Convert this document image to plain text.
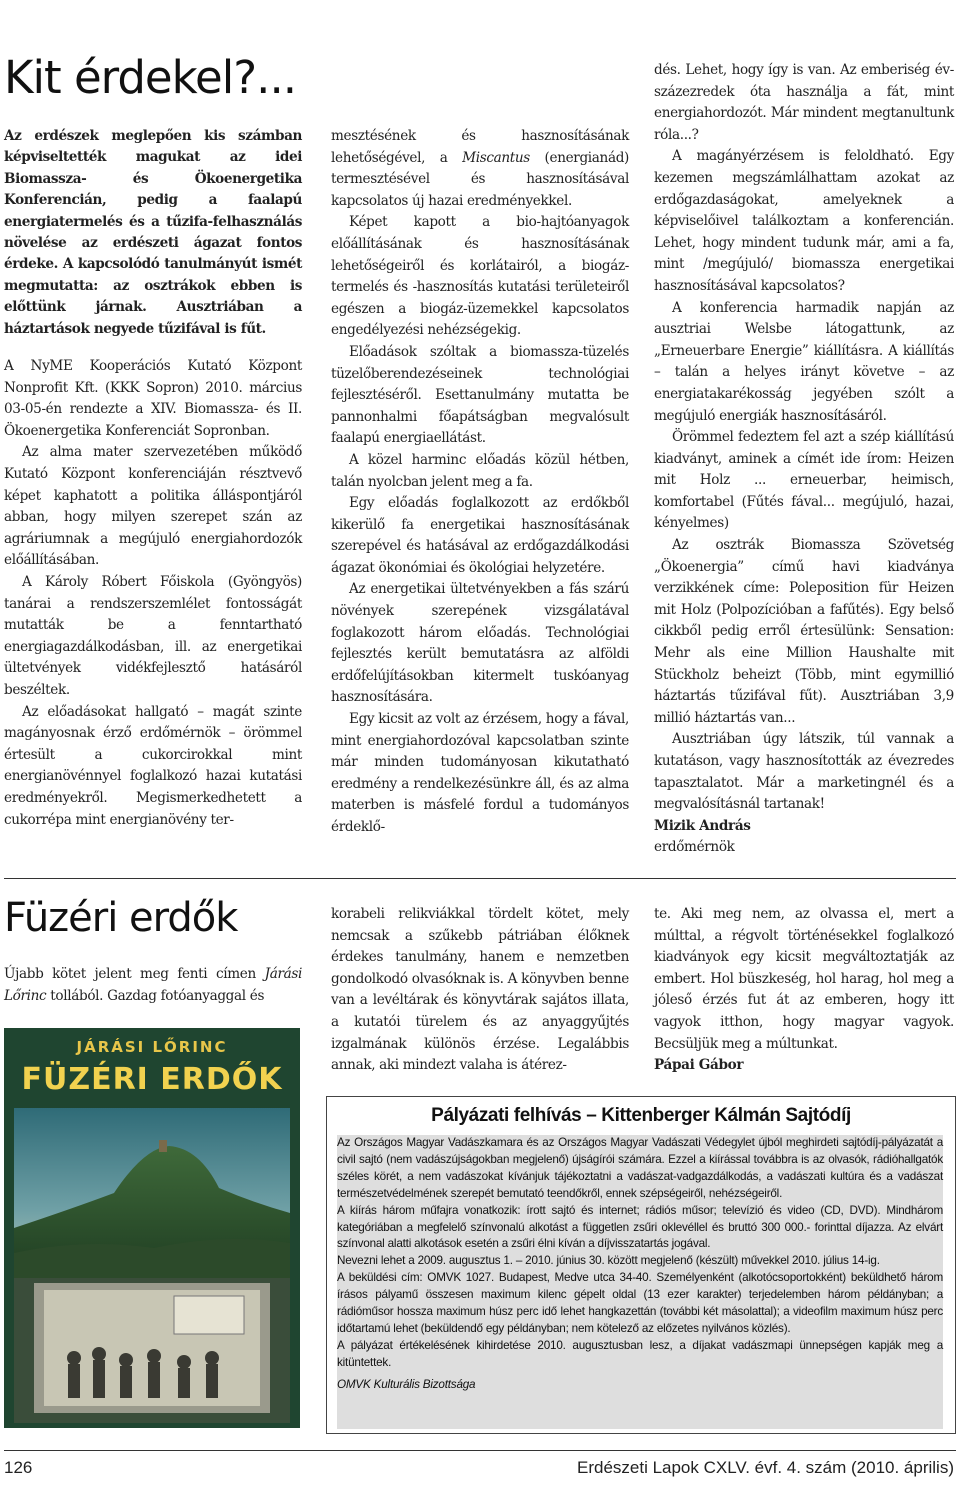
Kit érdekel?...

Az erdészek meglepően kis számban képviseltették magukat az idei Biomassza- és Ökoenergetika Konferencián, pedig a faalapú energiatermelés és a tűzifa-felhasználás növelése az erdészeti ágazat fontos érdeke. A kapcsolódó tanulmányút ismét megmutatta: az osztrákok ebben is előttünk járnak. Ausztriában a háztartások negyede tűzifával is fűt.

A NyME Kooperációs Kutató Központ Nonprofit Kft. (KKK Sopron) 2010. március 03-05-én rendezte a XIV. Biomassza- és II. Ökoenergetika Konferenciát Sopronban.

Az alma mater szervezetében működő Kutató Központ konferenciáján résztvevő képet kaphatott a politika álláspontjáról abban, hogy milyen szerepet szán az agráriumnak a megújuló energiahordozók előállításában.

A Károly Róbert Főiskola (Gyöngyös) tanárai a rendszerszemlélet fontosságát mutatták be a fenntartható energiagazdálkodásban, ill. az energetikai ültetvények vidékfejlesztő hatásáról beszéltek.

Az előadásokat hallgató – magát szinte magányosnak érző erdőmérnök – örömmel értesült a cukorcirokkal mint energianövénnyel foglalkozó hazai kutatási eredményekről. Megismerkedhetett a cukorrépa mint energianövény ter-

mesztésének és hasznosításának lehetőségével, a Miscantus (energianád) termesztésével és hasznosításával kapcsolatos új hazai eredményekkel.

Képet kapott a bio-hajtóanyagok előállításának és hasznosításának lehetőségeiről és korlátairól, a biogáz-termelés és -hasznosítás kutatási területeiről egészen a biogáz-üzemekkel kapcsolatos engedélyezési nehézségekig.

Előadások szóltak a biomassza-tüzelés tüzelőberendezéseinek technológiai fejlesztéséről. Esettanulmány mutatta be pannonhalmi főapátságban megvalósult faalapú energiaellátást.

A közel harminc előadás közül hétben, talán nyolcban jelent meg a fa.

Egy előadás foglalkozott az erdőkből kikerülő fa energetikai hasznosításának szerepével és hatásával az erdőgazdálkodási ágazat ökonómiai és ökológiai helyzetére.

Az energetikai ültetvényekben a fás szárú növények szerepének vizsgálatával foglakozott három előadás. Technológiai fejlesztés került bemutatásra az alföldi erdőfelújításokban kitermelt tuskóanyag hasznosítására.

Egy kicsit az volt az érzésem, hogy a fával, mint energiahordozóval kapcsolatban szinte már minden tudományosan kikutatható eredmény a rendelkezésünkre áll, és az alma materben is másfelé fordul a tudományos érdeklő-

dés. Lehet, hogy így is van. Az emberiség év-százezredek óta használja a fát, mint energiahordozót. Már mindent megtanultunk róla...?

A magányérzésem is feloldható. Egy kezemen megszámlálhattam azokat az erdőgazdaságokat, amelyeknek a képviselőivel találkoztam a konferencián. Lehet, hogy mindent tudunk már, ami a fa, mint /megújuló/ biomassza energetikai hasznosításával kapcsolatos?

A konferencia harmadik napján az ausztriai Welsbe látogattunk, az „Erneuerbare Energie” kiállításra. A kiállítás – talán a helyes irányt követve – az energiatakarékosság jegyében szólt a megújuló energiák hasznosításáról.

Örömmel fedeztem fel azt a szép kiállítású kiadványt, aminek a címét ide írom: Heizen mit Holz ... erneuerbar, heimisch, komfortabel (Fűtés fával... megújuló, hazai, kényelmes)

Az osztrák Biomassza Szövetség „Ökoenergia” című havi kiadványa verzikkének címe: Poleposition für Heizen mit Holz (Polpozícióban a fafűtés). Egy belső cikkből pedig erről értesülünk: Sensation: Mehr als eine Million Haushalte mit Stückholz beheizt (Több, mint egymillió háztartás tűzifával fűt). Ausztriában 3,9 millió háztartás van...

Ausztriában úgy látszik, túl vannak a kutatáson, vagy hasznosították az évezredes tapasztalatot. Már a marketingnél és a megvalósításnál tartanak!

Mizik András

erdőmérnök

Füzéri erdők

Újabb kötet jelent meg fenti címen Járási Lőrinc tollából. Gazdag fotóanyaggal és

JÁRÁSI LŐRINC
FÜZÉRI ERDŐK

korabeli relikviákkal tördelt kötet, mely nemcsak a szűkebb pátriában élőknek érdekes tanulmány, hanem e nemzetben gondolkodó olvasóknak is. A könyvben benne van a levéltárak és könyvtárak sajátos illata, a kutatói türelem és az anyaggyűjtés izgalmának különös érzése. Legalábbis annak, aki mindezt valaha is átérez-

te. Aki meg nem, az olvassa el, mert a múlttal, a régvolt történésekkel foglalkozó kiadványok egy kicsit megváltoztatják az embert. Hol büszkeség, hol harag, hol meg a jóleső érzés fut át az emberen, hogy itt vagyok itthon, hogy magyar vagyok. Becsüljük meg a múltunkat.

Pápai Gábor

Pályázati felhívás – Kittenberger Kálmán Sajtódíj

Az Országos Magyar Vadászkamara és az Országos Magyar Vadászati Védegylet újból meghirdeti sajtódíj-pályázatát a civil sajtó (nem vadászújságokban megjelenő) újságírói számára. Ezzel a kiírással továbbra is az olvasók, rádióhallgatók széles körét, a nem vadászokat kívánjuk tájékoztatni a vadászat-vadgazdálkodás, a vadászati kultúra és a vadászat természetvédelmének szerepét bemutató teendőkről, ennek szépségeiről, nehézségeiről.

A kiírás három műfajra vonatkozik: írott sajtó és internet; rádiós műsor; televízió és video (CD, DVD). Mindhárom kategóriában a megfelelő színvonalú alkotást a független zsűri oklevéllel és bruttó 300 000.- forinttal díjazza. Az elvárt színvonal alatti alkotások esetén a zsűri élni kíván a díjvisszatartás jogával.

Nevezni lehet a 2009. augusztus 1. – 2010. június 30. között megjelenő (készült) művekkel 2010. július 14-ig.

A beküldési cím: OMVK 1027. Budapest, Medve utca 34-40. Személyenként (alkotócsoportokként) beküldhető három írásos pályamű összesen maximum kilenc gépelt oldal (13 ezer karakter) terjedelemben három példányban; a rádióműsor hossza maximum húsz perc idő lehet hangkazettán (további két másolattal); a videofilm maximum húsz perc időtartamú lehet (beküldendő egy példányban; nem kötelező az előzetes nyilvános közlés).

A pályázat értékelésének kihirdetése 2010. augusztusban lesz, a díjakat vadászmapi ünnepségen kapják meg a kitüntettek.

OMVK Kulturális Bizottsága

126	Erdészeti Lapok CXLV. évf. 4. szám (2010. április)
